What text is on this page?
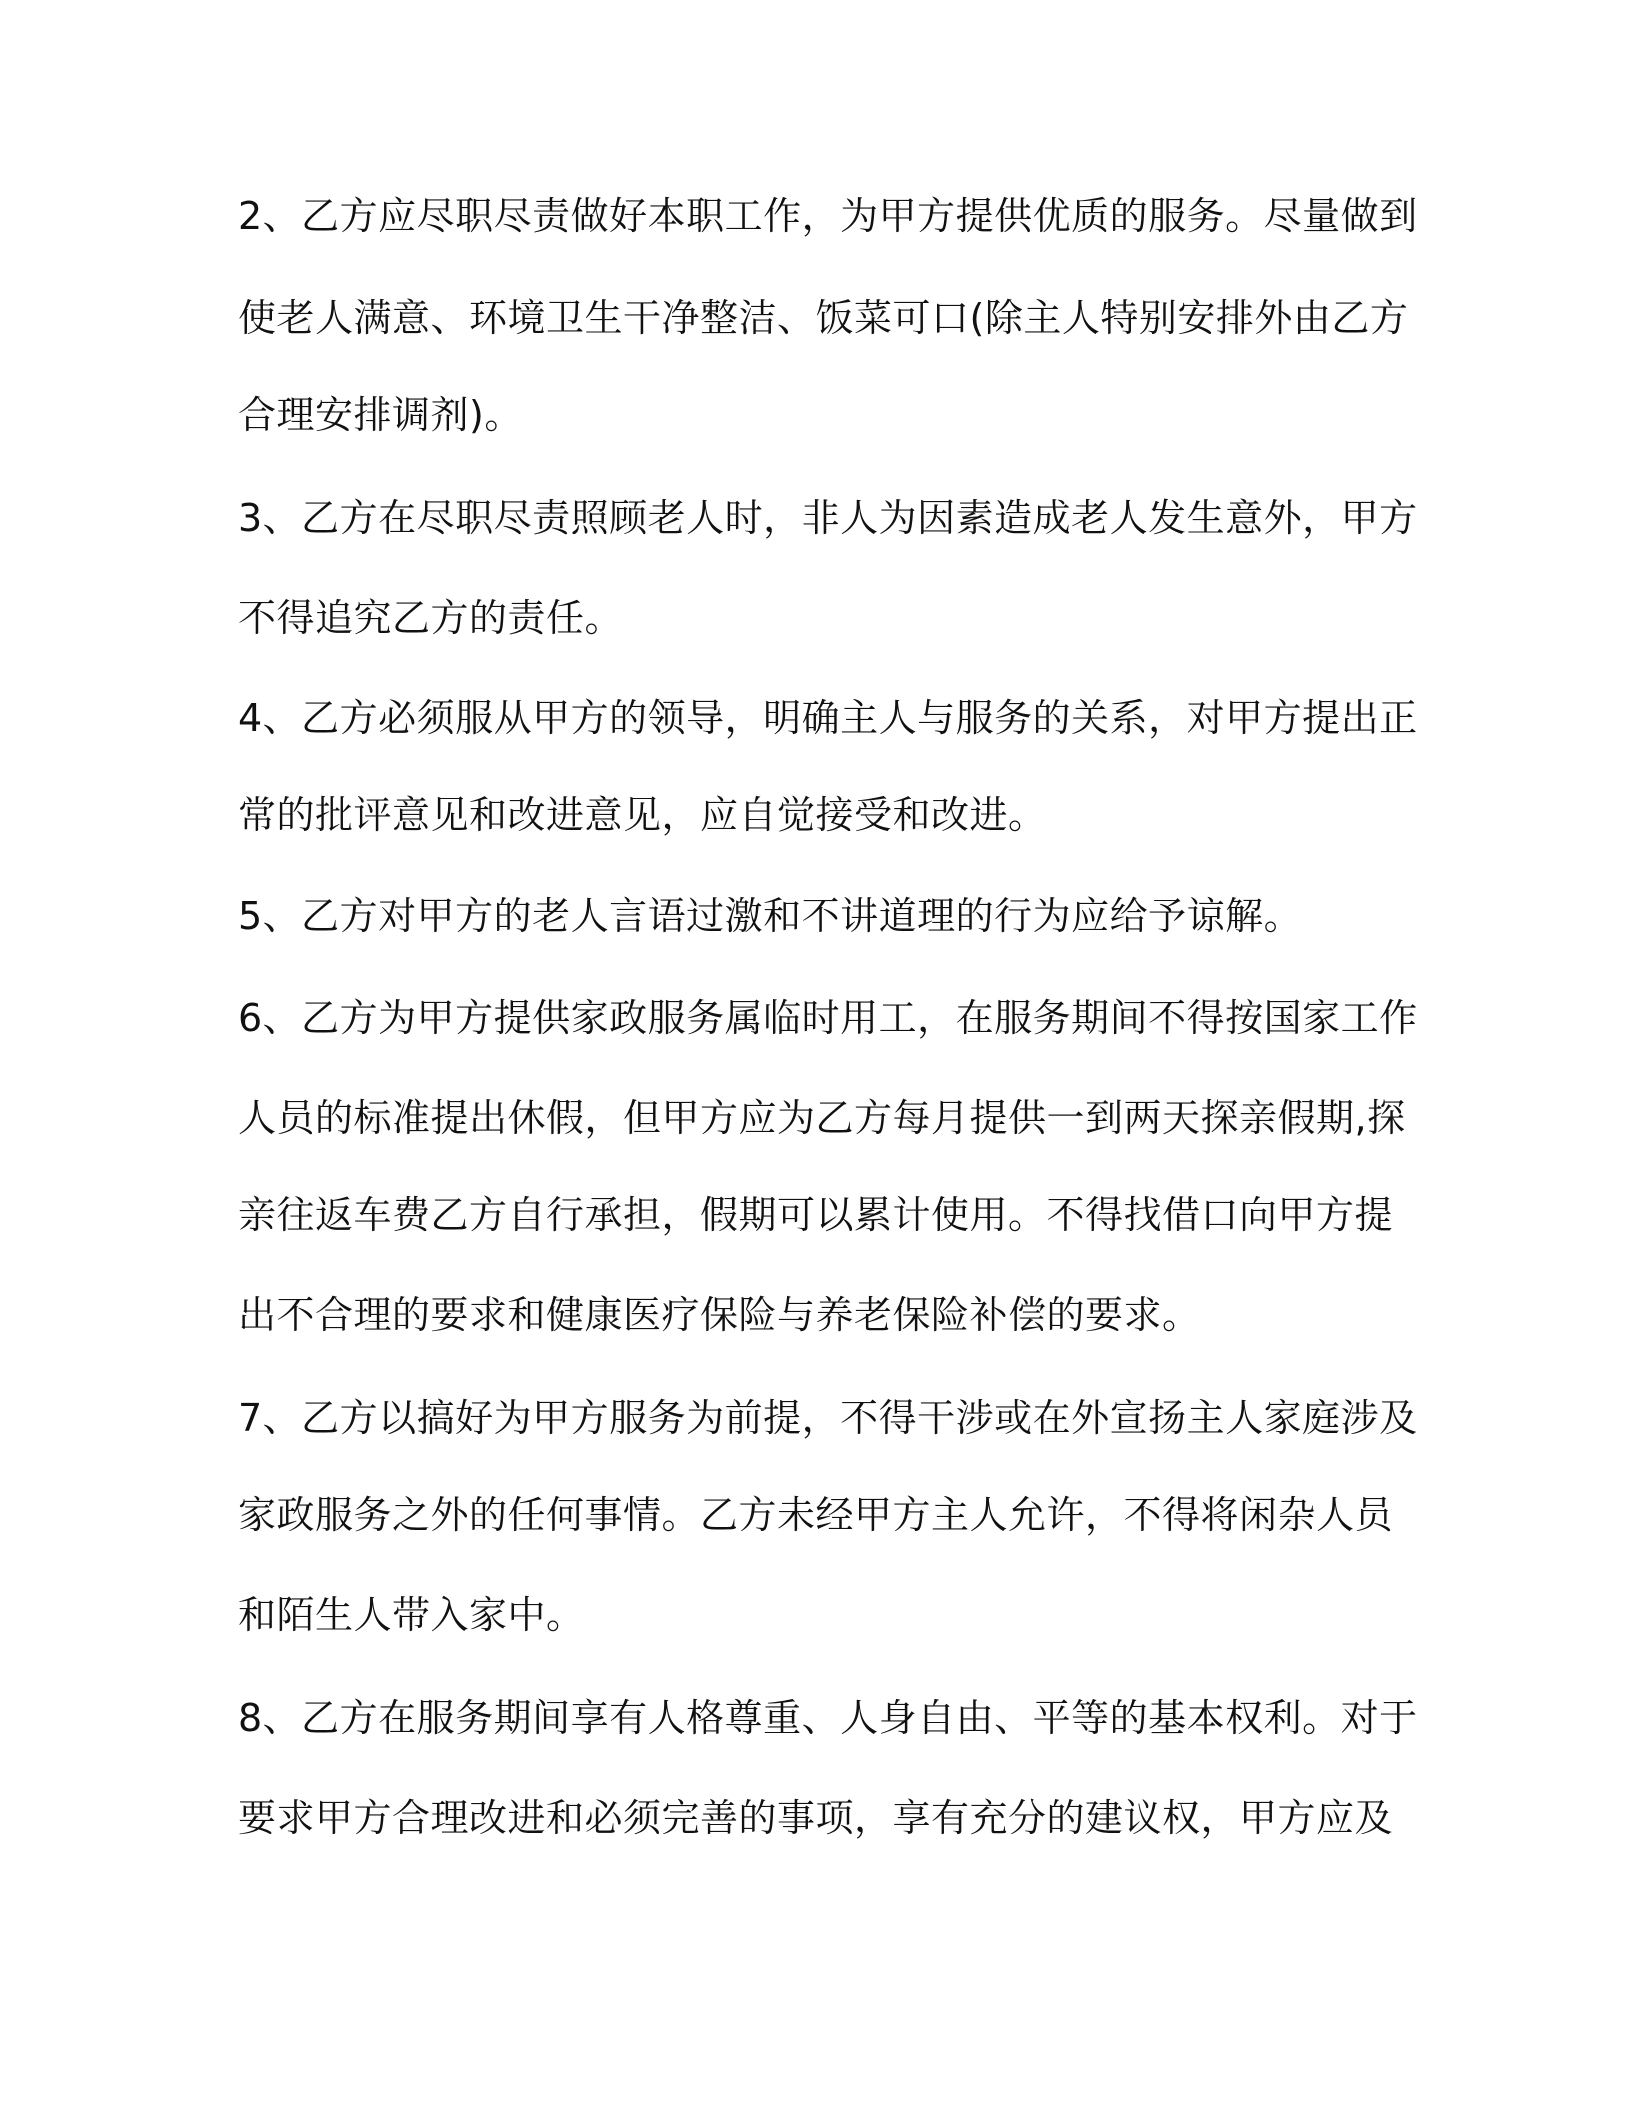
2、乙方应尽职尽责做好本职工作，为甲方提供优质的服务。尽量做到
使老人满意、环境卫生干净整洁、饭菜可口(除主人特别安排外由乙方
合理安排调剂)。
3、乙方在尽职尽责照顾老人时，非人为因素造成老人发生意外，甲方
不得追究乙方的责任。
4、乙方必须服从甲方的领导，明确主人与服务的关系，对甲方提出正
常的批评意见和改进意见，应自觉接受和改进。
5、乙方对甲方的老人言语过激和不讲道理的行为应给予谅解。
6、乙方为甲方提供家政服务属临时用工，在服务期间不得按国家工作
人员的标准提出休假，但甲方应为乙方每月提供一到两天探亲假期,探
亲往返车费乙方自行承担，假期可以累计使用。不得找借口向甲方提
出不合理的要求和健康医疗保险与养老保险补偿的要求。
7、乙方以搞好为甲方服务为前提，不得干涉或在外宣扬主人家庭涉及
家政服务之外的任何事情。乙方未经甲方主人允许，不得将闲杂人员
和陌生人带入家中。
8、乙方在服务期间享有人格尊重、人身自由、平等的基本权利。对于
要求甲方合理改进和必须完善的事项，享有充分的建议权，甲方应及
